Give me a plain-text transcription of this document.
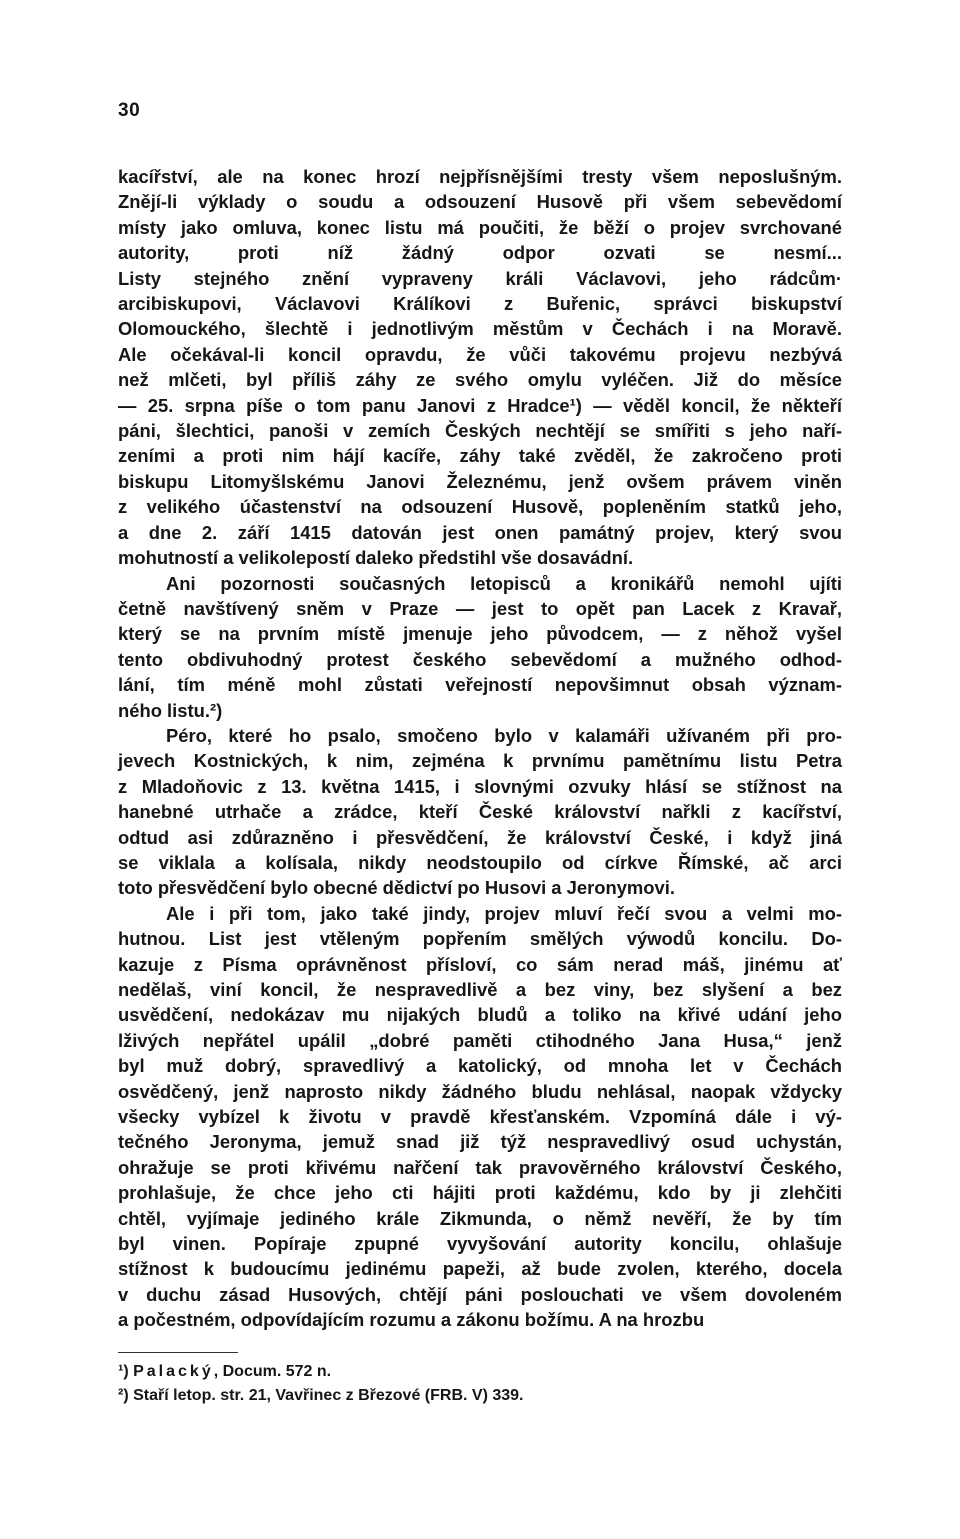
30
kacířství, ale na konec hrozí nejpřísnějšími tresty všem neposlušným.
Znějí-li výklady o soudu a odsouzení Husově při všem sebevědomí
místy jako omluva, konec listu má poučiti, že běží o projev svrchované
autority, proti níž žádný odpor ozvati se nesmí...
Listy stejného znění vypraveny králi Václavovi, jeho rádcům·
arcibiskupovi, Václavovi Králíkovi z Buřenic, správci biskupství
Olomouckého, šlechtě i jednotlivým městům v Čechách i na Moravě.
Ale očekával-li koncil opravdu, že vůči takovému projevu nezbývá
než mlčeti, byl příliš záhy ze svého omylu vyléčen. Již do měsíce
— 25. srpna píše o tom panu Janovi z Hradce¹) — věděl koncil, že někteří
páni, šlechtici, panoši v zemích Českých nechtějí se smířiti s jeho naří-
zeními a proti nim hájí kacíře, záhy také zvěděl, že zakročeno proti
biskupu Litomyšlskému Janovi Železnému, jenž ovšem právem viněn
z velikého účastenství na odsouzení Husově, popleněním statků jeho,
a dne 2. září 1415 datován jest onen památný projev, který svou
mohutností a velikolepostí daleko předstihl vše dosavádní.
Ani pozornosti současných letopisců a kronikářů nemohl ujíti
četně navštívený sněm v Praze — jest to opět pan Lacek z Kravař,
který se na prvním místě jmenuje jeho původcem, — z něhož vyšel
tento obdivuhodný protest českého sebevědomí a mužného odhod-
lání, tím méně mohl zůstati veřejností nepovšimnut obsah význam-
ného listu.²)
Péro, které ho psalo, smočeno bylo v kalamáři užívaném při pro-
jevech Kostnických, k nim, zejména k prvnímu pamětnímu listu Petra
z Mladoňovic z 13. května 1415, i slovnými ozvuky hlásí se stížnost na
hanebné utrhače a zrádce, kteří České království nařkli z kacířství,
odtud asi zdůrazněno i přesvědčení, že království České, i když jiná
se viklala a kolísala, nikdy neodstoupilo od církve Římské, ač arci
toto přesvědčení bylo obecné dědictví po Husovi a Jeronymovi.
Ale i při tom, jako také jindy, projev mluví řečí svou a velmi mo-
hutnou. List jest vtěleným popřením smělých výwodů koncilu. Do-
kazuje z Písma oprávněnost přísloví, co sám nerad máš, jinému ať
nedělaš, viní koncil, že nespravedlivě a bez viny, bez slyšení a bez
usvědčení, nedokázav mu nijakých bludů a toliko na křivé udání jeho
lživých nepřátel upálil „dobré paměti ctihodného Jana Husa,“ jenž
byl muž dobrý, spravedlivý a katolický, od mnoha let v Čechách
osvědčený, jenž naprosto nikdy žádného bludu nehlásal, naopak vždycky
všecky vybízel k životu v pravdě křesťanském. Vzpomíná dále i vý-
tečného Jeronyma, jemuž snad již týž nespravedlivý osud uchystán,
ohražuje se proti křivému nařčení tak pravověrného království Českého,
prohlašuje, že chce jeho cti hájiti proti každému, kdo by ji zlehčiti
chtěl, vyjímaje jediného krále Zikmunda, o němž nevěří, že by tím
byl vinen. Popíraje zpupné vyvyšování autority koncilu, ohlašuje
stížnost k budoucímu jedinému papeži, až bude zvolen, kterého, docela
v duchu zásad Husových, chtějí páni poslouchati ve všem dovoleném
a počestném, odpovídajícím rozumu a zákonu božímu. A na hrozbu
¹) Palacký, Docum. 572 n.
²) Staří letop. str. 21, Vavřinec z Březové (FRB. V) 339.
